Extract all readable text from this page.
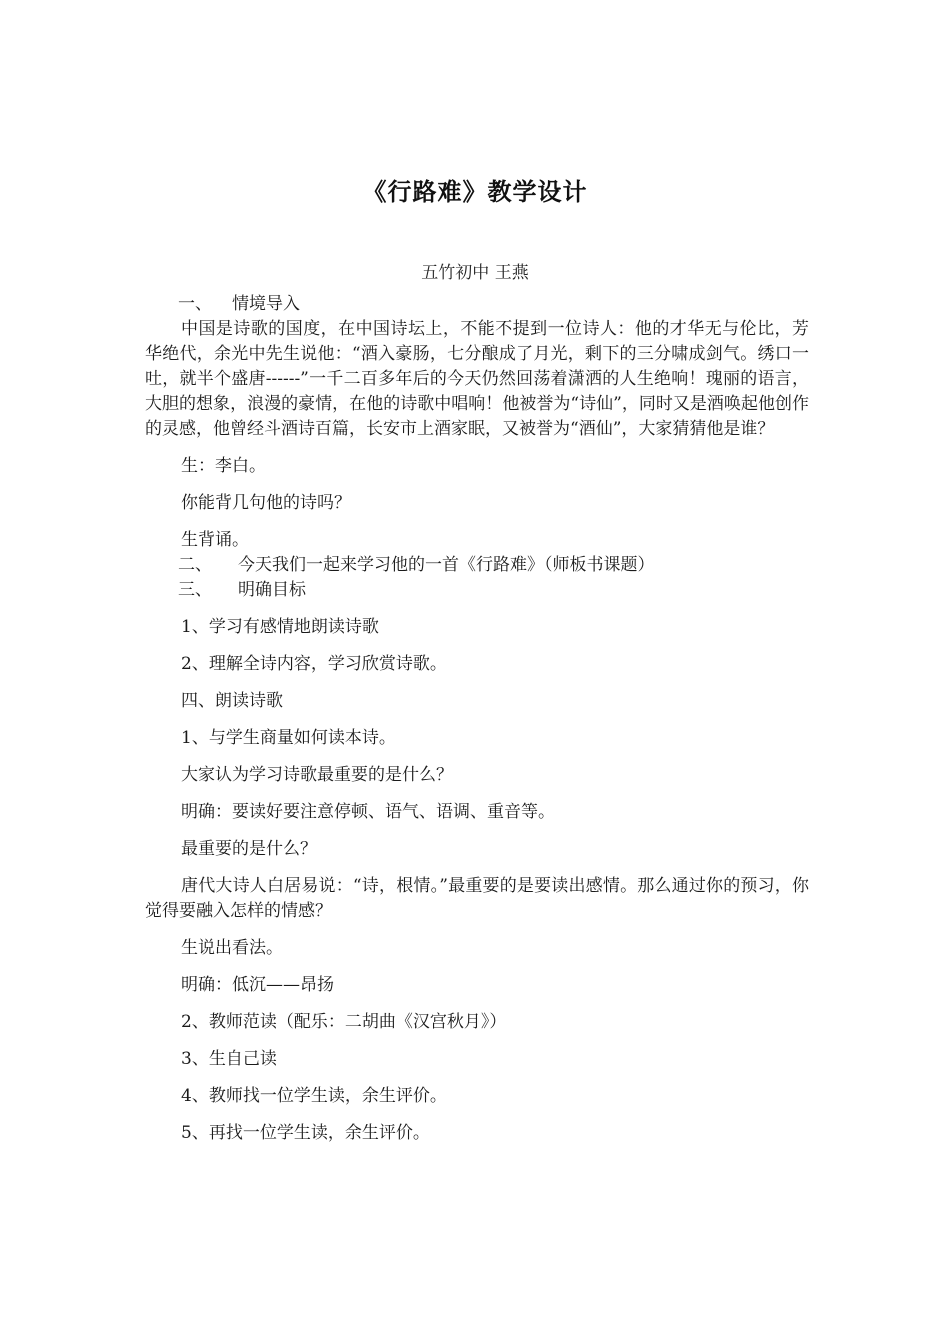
《行路难》教学设计
五竹初中 王燕
一、	情境导入

中国是诗歌的国度，在中国诗坛上，不能不提到一位诗人：他的才华无与伦比，芳华绝代，余光中先生说他：“酒入豪肠，七分酿成了月光，剩下的三分啸成剑气。绣口一吐，就半个盛唐------”一千二百多年后的今天仍然回荡着潇洒的人生绝响！瑰丽的语言，大胆的想象，浪漫的豪情，在他的诗歌中唱响！他被誉为“诗仙”，同时又是酒唤起他创作的灵感，他曾经斗酒诗百篇，长安市上酒家眠，又被誉为“酒仙”，大家猜猜他是谁？

生：李白。

你能背几句他的诗吗？

生背诵。

二、	今天我们一起来学习他的一首《行路难》（师板书课题）
三、	明确目标

1、学习有感情地朗读诗歌

2、理解全诗内容，学习欣赏诗歌。

四、朗读诗歌

1、与学生商量如何读本诗。

大家认为学习诗歌最重要的是什么？

明确：要读好要注意停顿、语气、语调、重音等。

最重要的是什么？

唐代大诗人白居易说：“诗，根情。”最重要的是要读出感情。那么通过你的预习，你觉得要融入怎样的情感？

生说出看法。

明确：低沉——昂扬

2、教师范读（配乐：二胡曲《汉宫秋月》）

3、生自己读

4、教师找一位学生读，余生评价。

5、再找一位学生读，余生评价。
